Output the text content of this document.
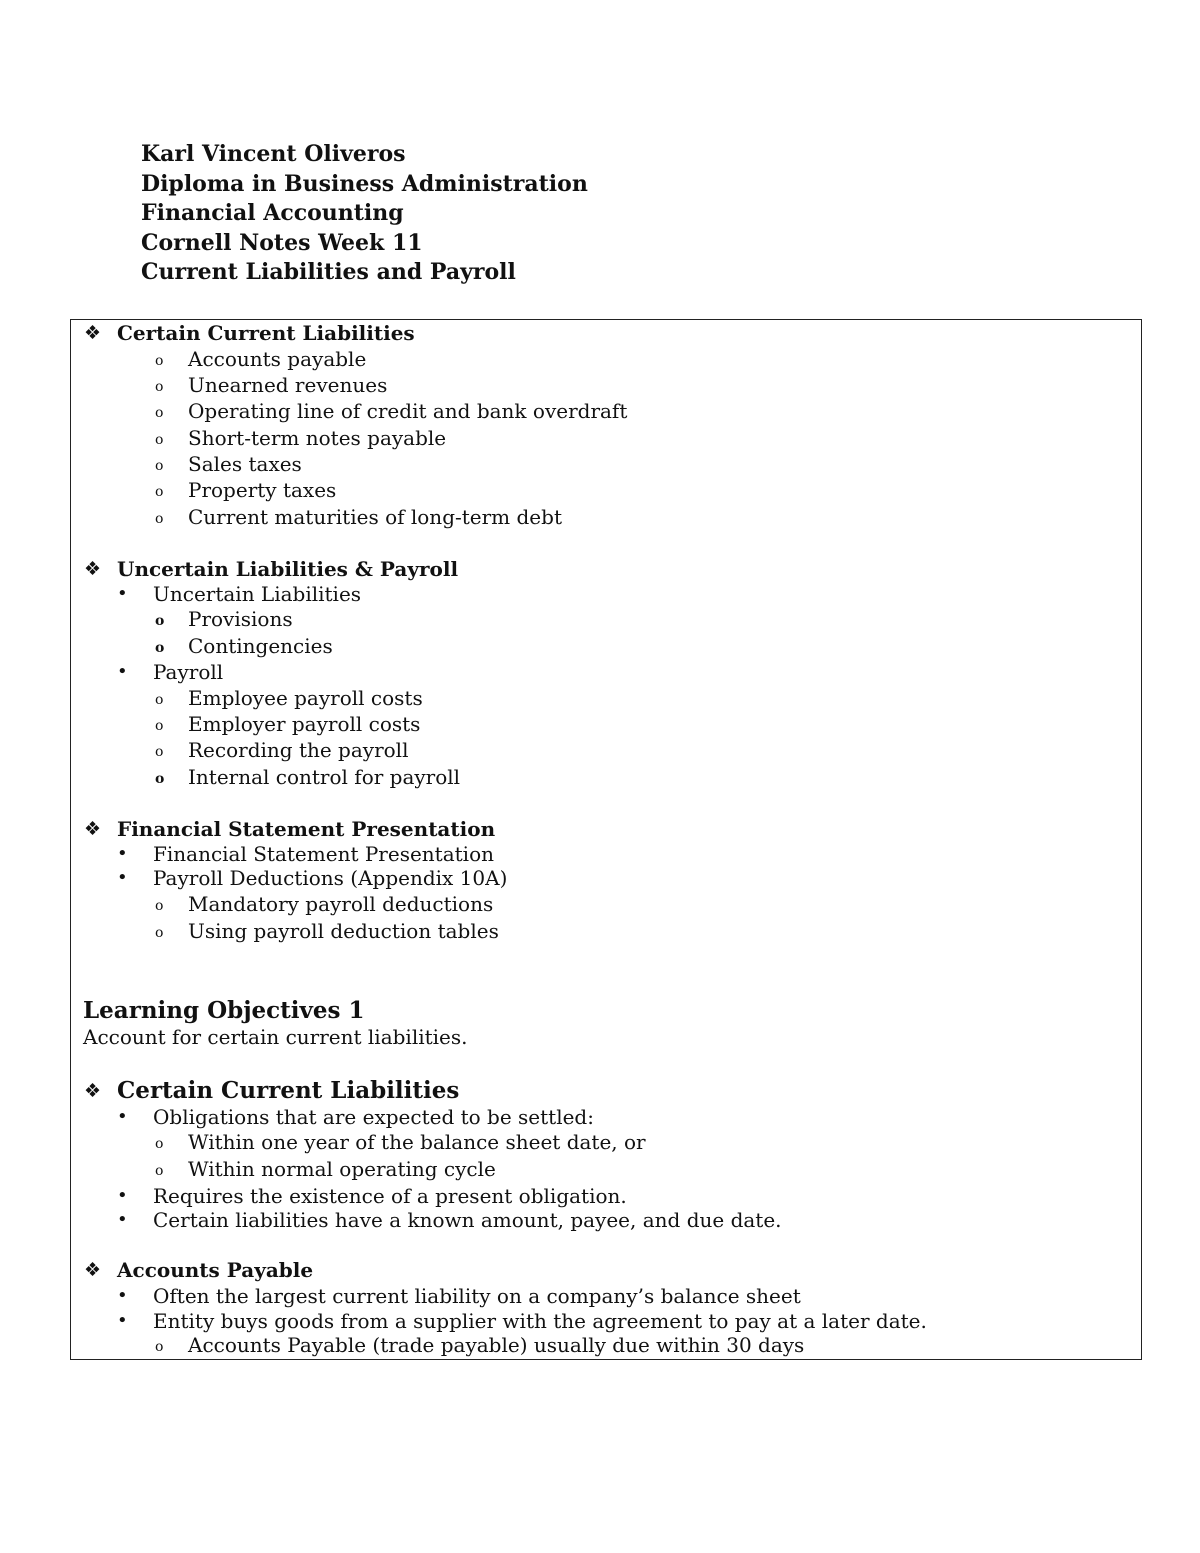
Karl Vincent Oliveros
Diploma in Business Administration
Financial Accounting
Cornell Notes Week 11
Current Liabilities and Payroll
❖ Certain Current Liabilities
o Accounts payable
o Unearned revenues
o Operating line of credit and bank overdraft
o Short-term notes payable
o Sales taxes
o Property taxes
o Current maturities of long-term debt
❖ Uncertain Liabilities & Payroll
• Uncertain Liabilities
o Provisions
o Contingencies
• Payroll
o Employee payroll costs
o Employer payroll costs
o Recording the payroll
o Internal control for payroll
❖ Financial Statement Presentation
• Financial Statement Presentation
• Payroll Deductions (Appendix 10A)
o Mandatory payroll deductions
o Using payroll deduction tables
Learning Objectives 1
Account for certain current liabilities.
❖ Certain Current Liabilities
• Obligations that are expected to be settled:
o Within one year of the balance sheet date, or
o Within normal operating cycle
• Requires the existence of a present obligation.
• Certain liabilities have a known amount, payee, and due date.
❖ Accounts Payable
• Often the largest current liability on a company’s balance sheet
• Entity buys goods from a supplier with the agreement to pay at a later date.
o Accounts Payable (trade payable) usually due within 30 days
